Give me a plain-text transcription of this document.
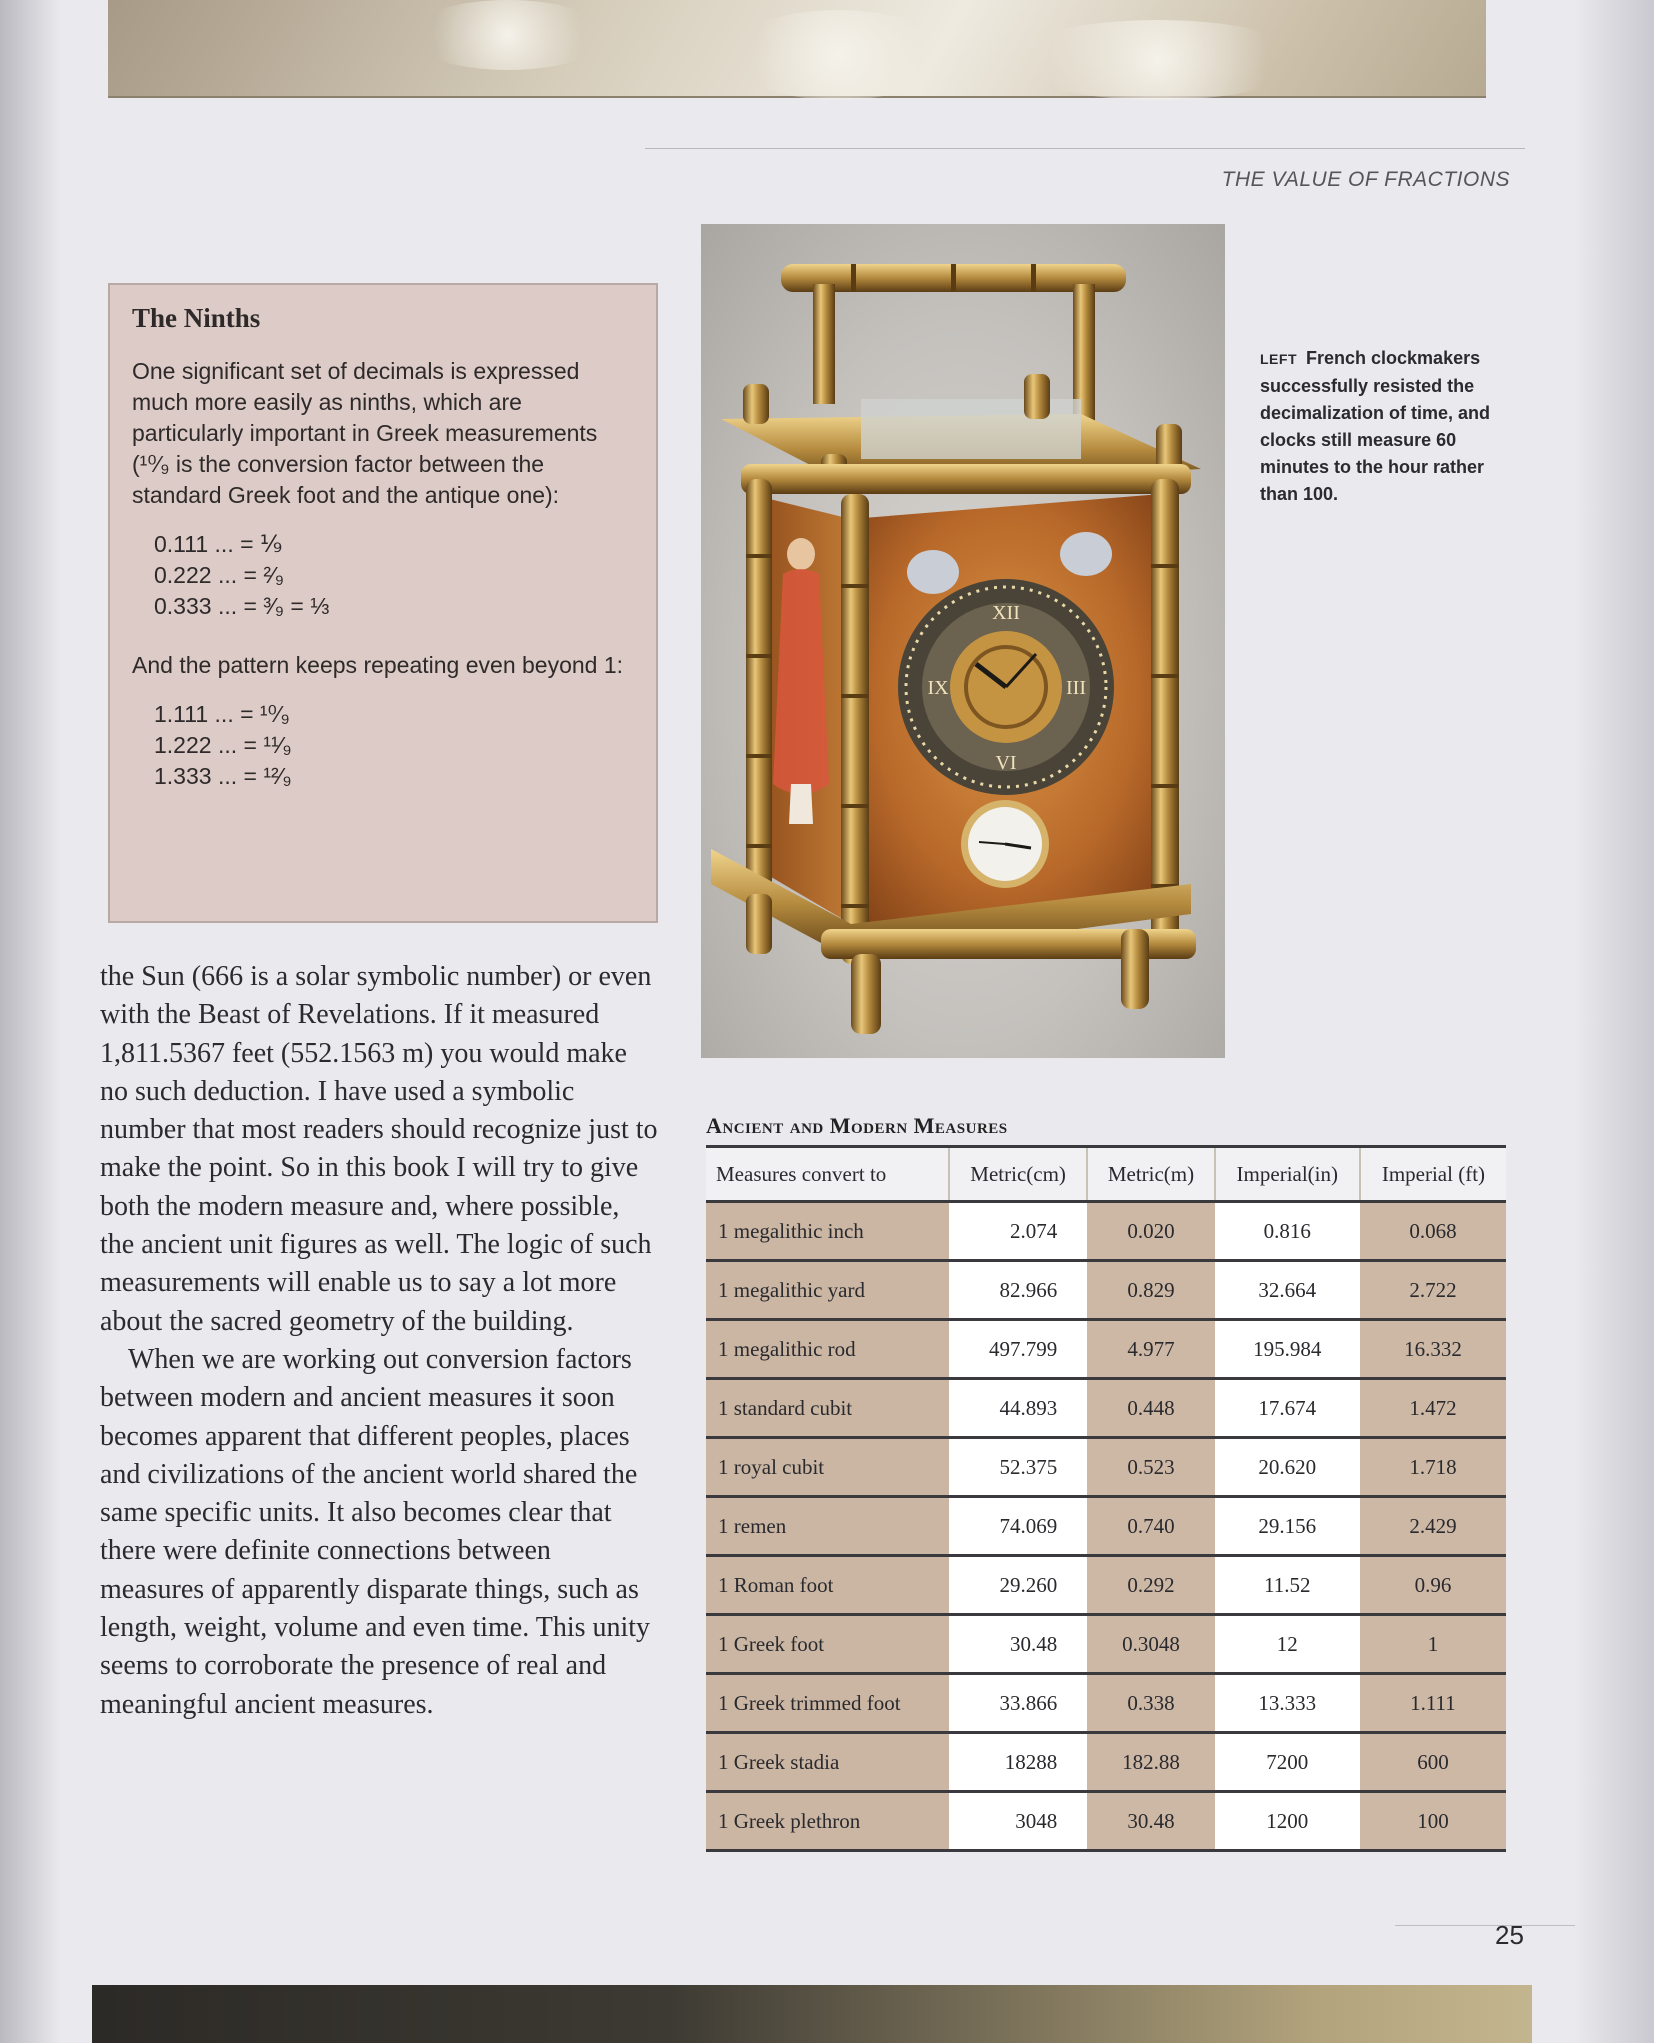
THE VALUE OF FRACTIONS
The Ninths

One significant set of decimals is expressed much more easily as ninths, which are particularly important in Greek measurements (¹⁰⁄₉ is the conversion factor between the standard Greek foot and the antique one):

0.111 ... = ⅑
0.222 ... = ²⁄₉
0.333 ... = ³⁄₉ = ⅓

And the pattern keeps repeating even beyond 1:

1.111 ... = ¹⁰⁄₉
1.222 ... = ¹¹⁄₉
1.333 ... = ¹²⁄₉
XII
III
VI
IX
LEFT French clockmakers successfully resisted the decimalization of time, and clocks still measure 60 minutes to the hour rather than 100.

the Sun (666 is a solar symbolic number) or even with the Beast of Revelations. If it measured 1,811.5367 feet (552.1563 m) you would make no such deduction. I have used a symbolic number that most readers should recognize just to make the point. So in this book I will try to give both the modern measure and, where possible, the ancient unit figures as well. The logic of such measurements will enable us to say a lot more about the sacred geometry of the building.

When we are working out conversion factors between modern and ancient measures it soon becomes apparent that different peoples, places and civilizations of the ancient world shared the same specific units. It also becomes clear that there were definite connections between measures of apparently disparate things, such as length, weight, volume and even time. This unity seems to corroborate the presence of real and meaningful ancient measures.

Ancient and Modern Measures
Measures convert to	Metric(cm)	Metric(m)	Imperial(in)	Imperial (ft)
1 megalithic inch	2.074	0.020	0.816	0.068
1 megalithic yard	82.966	0.829	32.664	2.722
1 megalithic rod	497.799	4.977	195.984	16.332
1 standard cubit	44.893	0.448	17.674	1.472
1 royal cubit	52.375	0.523	20.620	1.718
1 remen	74.069	0.740	29.156	2.429
1 Roman foot	29.260	0.292	11.52	0.96
1 Greek foot	30.48	0.3048	12	1
1 Greek trimmed foot	33.866	0.338	13.333	1.111
1 Greek stadia	18288	182.88	7200	600
1 Greek plethron	3048	30.48	1200	100
25
